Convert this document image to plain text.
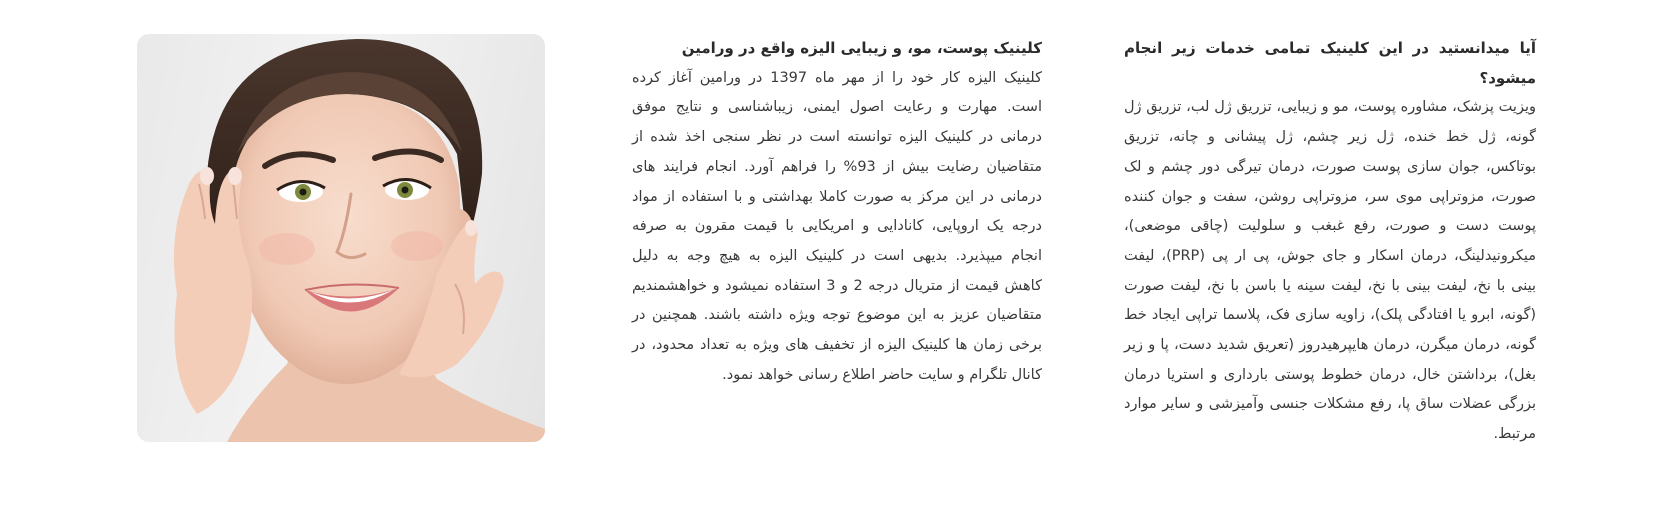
آیا میدانستید در این کلینیک تمامی خدمات زیر انجام میشود؟

ویزیت پزشک، مشاوره پوست، مو و زیبایی، تزریق ژل لب، تزریق ژل گونه، ژل خط خنده، ژل زیر چشم، ژل پیشانی و چانه، تزریق بوتاکس، جوان سازی پوست صورت، درمان تیرگی دور چشم و لک صورت، مزوتراپی موی سر، مزوتراپی روشن، سفت و جوان کننده پوست دست و صورت، رفع غبغب و سلولیت (چاقی موضعی)، میکرونیدلینگ، درمان اسکار و جای جوش، پی ار پی (PRP)، لیفت بینی با نخ، لیفت بینی با نخ، لیفت سینه یا باسن با نخ، لیفت صورت (گونه، ابرو یا افتادگی پلک)، زاویه سازی فک، پلاسما تراپی ایجاد خط گونه، درمان میگرن، درمان هایپرهیدروز (تعریق شدید دست، پا و زیر بغل)، برداشتن خال، درمان خطوط پوستی بارداری و استریا درمان بزرگی عضلات ساق پا، رفع مشکلات جنسی وآمیزشی و سایر موارد مرتبط.

کلینیک پوست، مو، و زیبایی الیزه واقع در ورامین

کلینیک الیزه کار خود را از مهر ماه 1397 در ورامین آغاز کرده است. مهارت و رعایت اصول ایمنی، زیباشناسی و نتایج موفق درمانی در کلینیک الیزه توانسته است در نظر سنجی اخذ شده از متقاضیان رضایت بیش از 93% را فراهم آورد. انجام فرایند های درمانی در این مرکز به صورت کاملا بهداشتی و با استفاده از مواد درجه یک اروپایی، کانادایی و امریکایی با قیمت مقرون به صرفه انجام میپذیرد. بدیهی است در کلینیک الیزه به هیچ وجه به دلیل کاهش قیمت از متریال درجه 2 و 3 استفاده نمیشود و خواهشمندیم متقاضیان عزیز به این موضوع توجه ویژه داشته باشند. همچنین در برخی زمان ها کلینیک الیزه از تخفیف های ویژه به تعداد محدود، در کانال تلگرام و سایت حاضر اطلاع رسانی خواهد نمود.
